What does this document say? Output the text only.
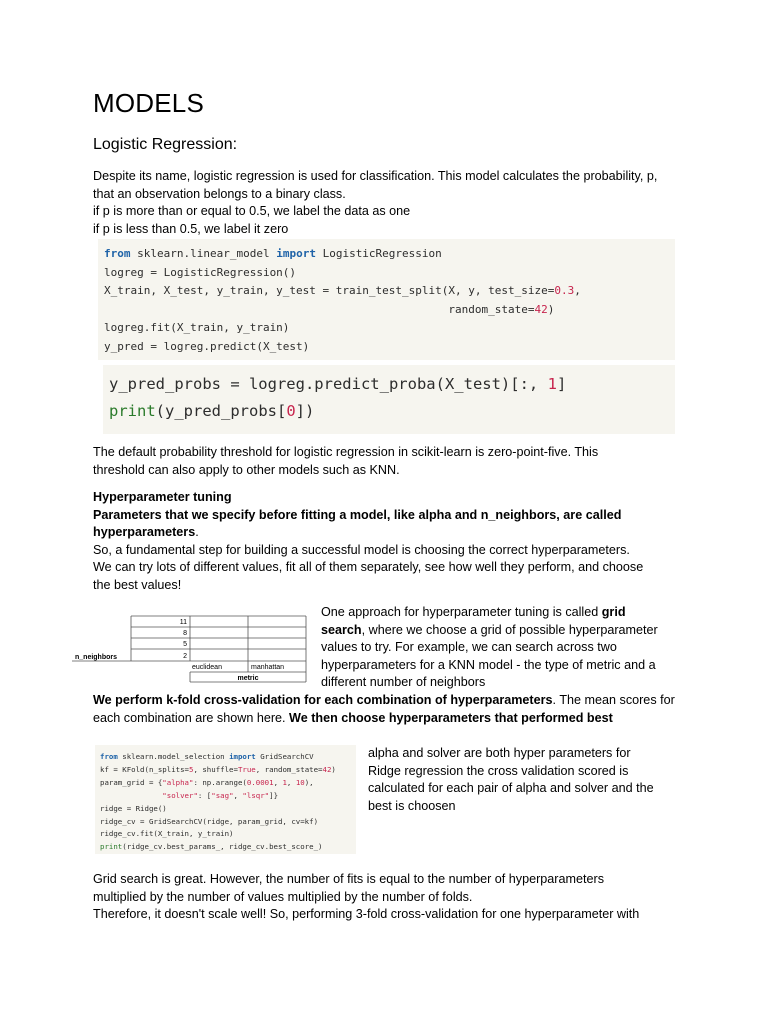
MODELS
Logistic Regression:
Despite its name, logistic regression is used for classification. This model calculates the probability, p,
that an observation belongs to a binary class.
if p is more than or equal to 0.5, we label the data as one
if p is less than 0.5, we label it zero
from sklearn.linear_model import LogisticRegression
logreg = LogisticRegression()
X_train, X_test, y_train, y_test = train_test_split(X, y, test_size=0.3,
random_state=42)
logreg.fit(X_train, y_train)
y_pred = logreg.predict(X_test)
y_pred_probs = logreg.predict_proba(X_test)[:, 1]
print(y_pred_probs[0])
The default probability threshold for logistic regression in scikit-learn is zero-point-five. This
threshold can also apply to other models such as KNN.
Hyperparameter tuning
Parameters that we specify before fitting a model, like alpha and n_neighbors, are called
hyperparameters.
So, a fundamental step for building a successful model is choosing the correct hyperparameters.
We can try lots of different values, fit all of them separately, see how well they perform, and choose
the best values!
11
8
5
2
n_neighbors
euclidean	manhattan
metric
One approach for hyperparameter tuning is called grid
search, where we choose a grid of possible hyperparameter
values to try. For example, we can search across two
hyperparameters for a KNN model - the type of metric and a
different number of neighbors
We perform k-fold cross-validation for each combination of hyperparameters. The mean scores for
each combination are shown here. We then choose hyperparameters that performed best
from sklearn.model_selection import GridSearchCV
kf = KFold(n_splits=5, shuffle=True, random_state=42)
param_grid = {"alpha": np.arange(0.0001, 1, 10),
"solver": ["sag", "lsqr"]}
ridge = Ridge()
ridge_cv = GridSearchCV(ridge, param_grid, cv=kf)
ridge_cv.fit(X_train, y_train)
print(ridge_cv.best_params_, ridge_cv.best_score_)
alpha and solver are both hyper parameters for
Ridge regression the cross validation scored is
calculated for each pair of alpha and solver and the
best is choosen
Grid search is great. However, the number of fits is equal to the number of hyperparameters
multiplied by the number of values multiplied by the number of folds.
Therefore, it doesn't scale well! So, performing 3-fold cross-validation for one hyperparameter with
